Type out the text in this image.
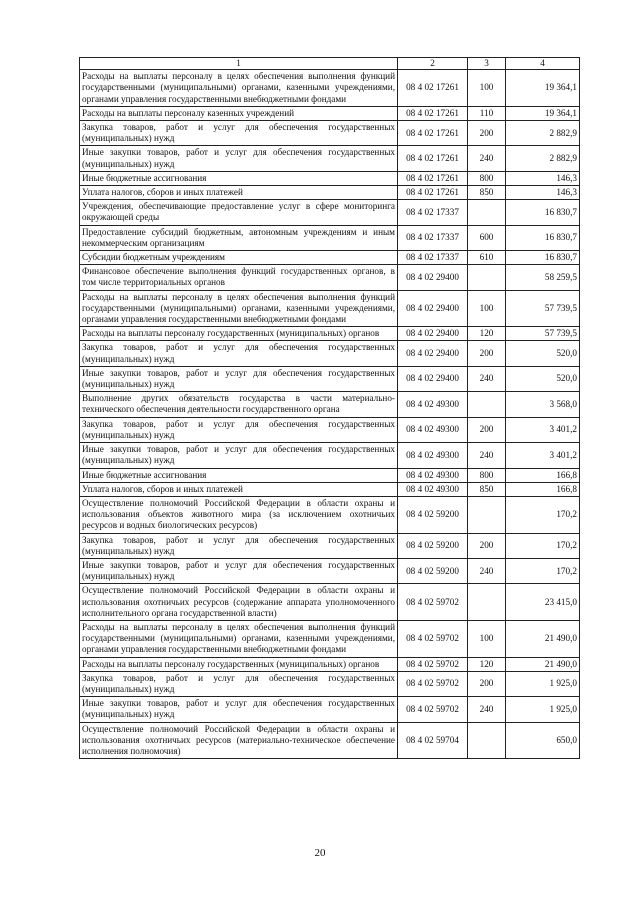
1	2	3	4
Расходы на выплаты персоналу в целях обеспечения выполнения функций государственными (муниципальными) органами, казенными учреждениями, органами управления государственными внебюджетными фондами	08 4 02 17261	100	19 364,1
Расходы на выплаты персоналу казенных учреждений	08 4 02 17261	110	19 364,1
Закупка товаров, работ и услуг для обеспечения государственных (муниципальных) нужд	08 4 02 17261	200	2 882,9
Иные закупки товаров, работ и услуг для обеспечения государственных (муниципальных) нужд	08 4 02 17261	240	2 882,9
Иные бюджетные ассигнования	08 4 02 17261	800	146,3
Уплата налогов, сборов и иных платежей	08 4 02 17261	850	146,3
Учреждения, обеспечивающие предоставление услуг в сфере мониторинга окружающей среды	08 4 02 17337		16 830,7
Предоставление субсидий бюджетным, автономным учреждениям и иным некоммерческим организациям	08 4 02 17337	600	16 830,7
Субсидии бюджетным учреждениям	08 4 02 17337	610	16 830,7
Финансовое обеспечение выполнения функций государственных органов, в том числе территориальных органов	08 4 02 29400		58 259,5
Расходы на выплаты персоналу в целях обеспечения выполнения функций государственными (муниципальными) органами, казенными учреждениями, органами управления государственными внебюджетными фондами	08 4 02 29400	100	57 739,5
Расходы на выплаты персоналу государственных (муниципальных) органов	08 4 02 29400	120	57 739,5
Закупка товаров, работ и услуг для обеспечения государственных (муниципальных) нужд	08 4 02 29400	200	520,0
Иные закупки товаров, работ и услуг для обеспечения государственных (муниципальных) нужд	08 4 02 29400	240	520,0
Выполнение других обязательств государства в части материально-технического обеспечения деятельности государственного органа	08 4 02 49300		3 568,0
Закупка товаров, работ и услуг для обеспечения государственных (муниципальных) нужд	08 4 02 49300	200	3 401,2
Иные закупки товаров, работ и услуг для обеспечения государственных (муниципальных) нужд	08 4 02 49300	240	3 401,2
Иные бюджетные ассигнования	08 4 02 49300	800	166,8
Уплата налогов, сборов и иных платежей	08 4 02 49300	850	166,8
Осуществление полномочий Российской Федерации в области охраны и использования объектов животного мира (за исключением охотничьих ресурсов и водных биологических ресурсов)	08 4 02 59200		170,2
Закупка товаров, работ и услуг для обеспечения государственных (муниципальных) нужд	08 4 02 59200	200	170,2
Иные закупки товаров, работ и услуг для обеспечения государственных (муниципальных) нужд	08 4 02 59200	240	170,2
Осуществление полномочий Российской Федерации в области охраны и использования охотничьих ресурсов (содержание аппарата уполномоченного исполнительного органа государственной власти)	08 4 02 59702		23 415,0
Расходы на выплаты персоналу в целях обеспечения выполнения функций государственными (муниципальными) органами, казенными учреждениями, органами управления государственными внебюджетными фондами	08 4 02 59702	100	21 490,0
Расходы на выплаты персоналу государственных (муниципальных) органов	08 4 02 59702	120	21 490,0
Закупка товаров, работ и услуг для обеспечения государственных (муниципальных) нужд	08 4 02 59702	200	1 925,0
Иные закупки товаров, работ и услуг для обеспечения государственных (муниципальных) нужд	08 4 02 59702	240	1 925,0
Осуществление полномочий Российской Федерации в области охраны и использования охотничьих ресурсов (материально-техническое обеспечение исполнения полномочия)	08 4 02 59704		650,0
20
